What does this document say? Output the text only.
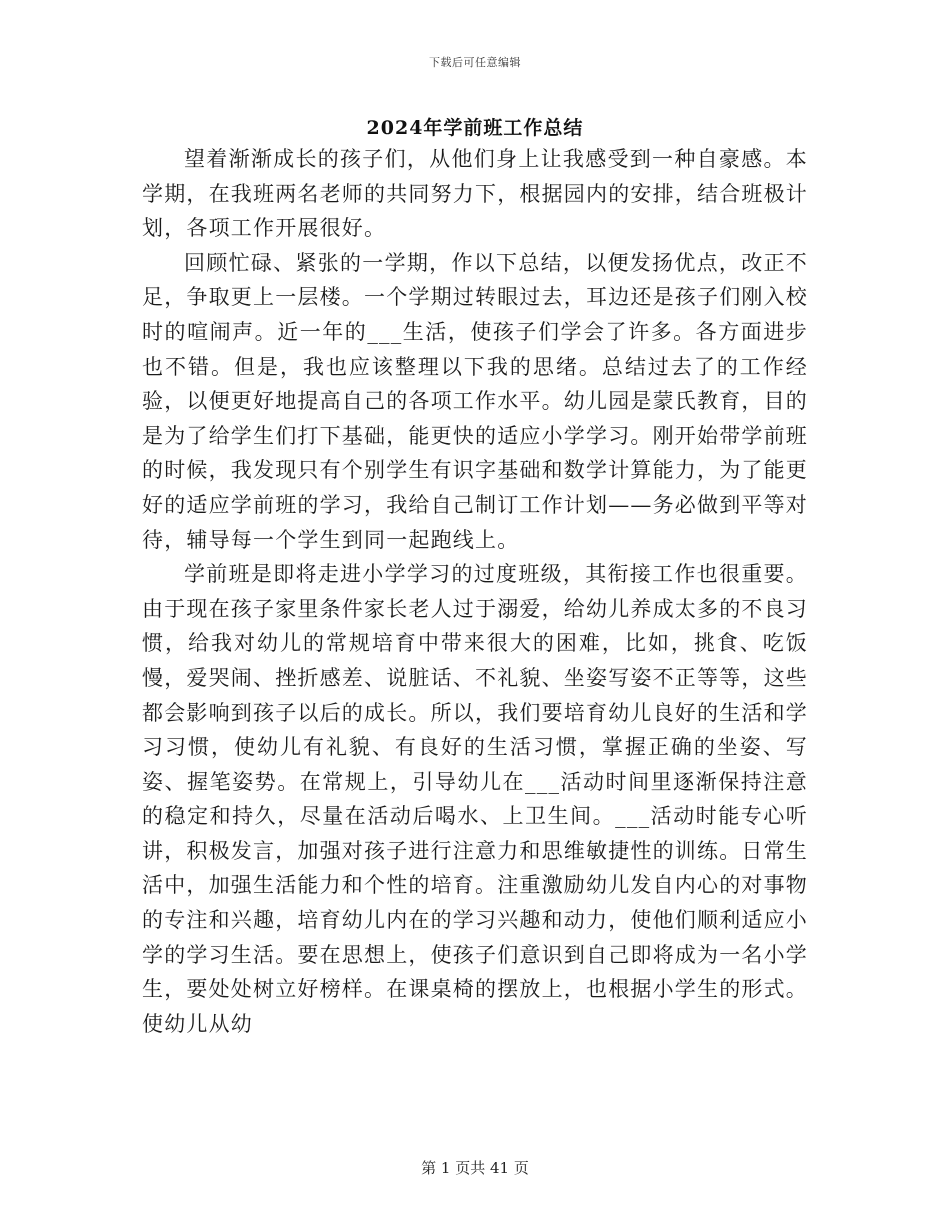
下载后可任意编辑
2024年学前班工作总结

望着渐渐成长的孩子们，从他们身上让我感受到一种自豪感。本学期，在我班两名老师的共同努力下，根据园内的安排，结合班极计划，各项工作开展很好。

回顾忙碌、紧张的一学期，作以下总结，以便发扬优点，改正不足，争取更上一层楼。一个学期过转眼过去，耳边还是孩子们刚入校时的喧闹声。近一年的___生活，使孩子们学会了许多。各方面进步也不错。但是，我也应该整理以下我的思绪。总结过去了的工作经验，以便更好地提高自己的各项工作水平。幼儿园是蒙氏教育，目的是为了给学生们打下基础，能更快的适应小学学习。刚开始带学前班的时候，我发现只有个别学生有识字基础和数学计算能力，为了能更好的适应学前班的学习，我给自己制订工作计划——务必做到平等对待，辅导每一个学生到同一起跑线上。

学前班是即将走进小学学习的过度班级，其衔接工作也很重要。由于现在孩子家里条件家长老人过于溺爱，给幼儿养成太多的不良习惯，给我对幼儿的常规培育中带来很大的困难，比如，挑食、吃饭慢，爱哭闹、挫折感差、说脏话、不礼貌、坐姿写姿不正等等，这些都会影响到孩子以后的成长。所以，我们要培育幼儿良好的生活和学习习惯，使幼儿有礼貌、有良好的生活习惯，掌握正确的坐姿、写姿、握笔姿势。在常规上，引导幼儿在___活动时间里逐渐保持注意的稳定和持久，尽量在活动后喝水、上卫生间。___活动时能专心听讲，积极发言，加强对孩子进行注意力和思维敏捷性的训练。日常生活中，加强生活能力和个性的培育。注重激励幼儿发自内心的对事物的专注和兴趣，培育幼儿内在的学习兴趣和动力，使他们顺利适应小学的学习生活。要在思想上，使孩子们意识到自己即将成为一名小学生，要处处树立好榜样。在课桌椅的摆放上，也根据小学生的形式。使幼儿从幼

第 1 页共 41 页
